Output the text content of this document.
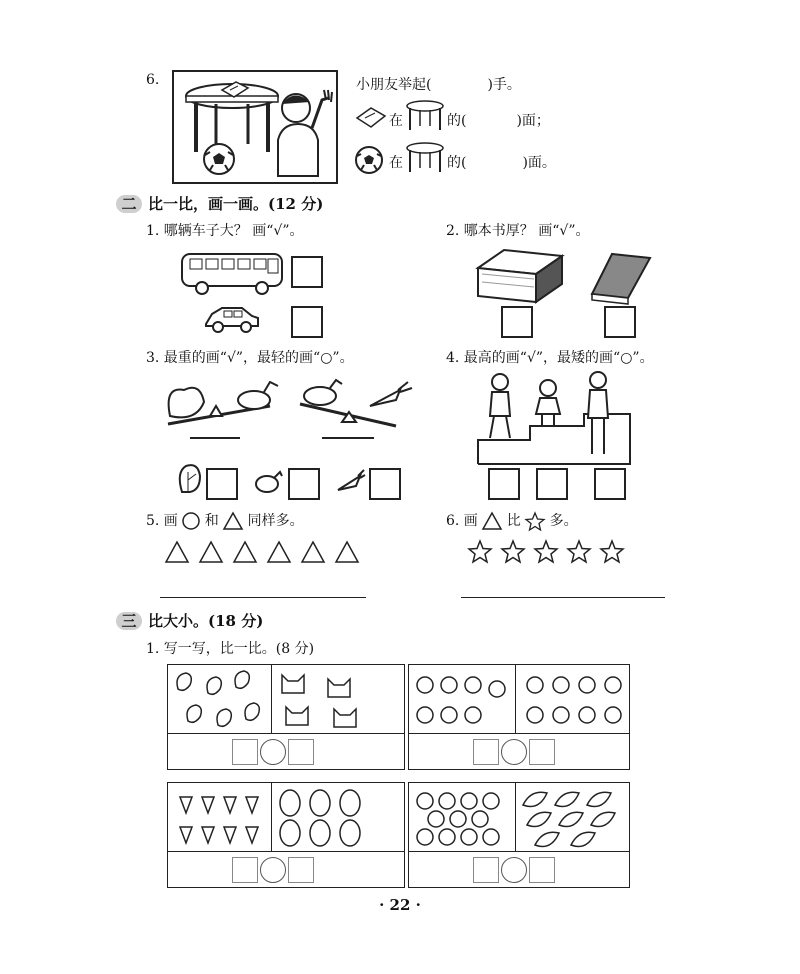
6.	小朋友举起(	)手。
在	的(	)面；
在	的(	)面。
二 比一比，画一画。(12 分)
1. 哪辆车子大？ 画“√”。	2. 哪本书厚？ 画“√”。
3. 最重的画“√”，最轻的画“○”。	4. 最高的画“√”，最矮的画“○”。
5. 画 和 同样多。	6. 画 比 多。
三 比大小。(18 分)
1. 写一写，比一比。(8 分)
· 22 ·
